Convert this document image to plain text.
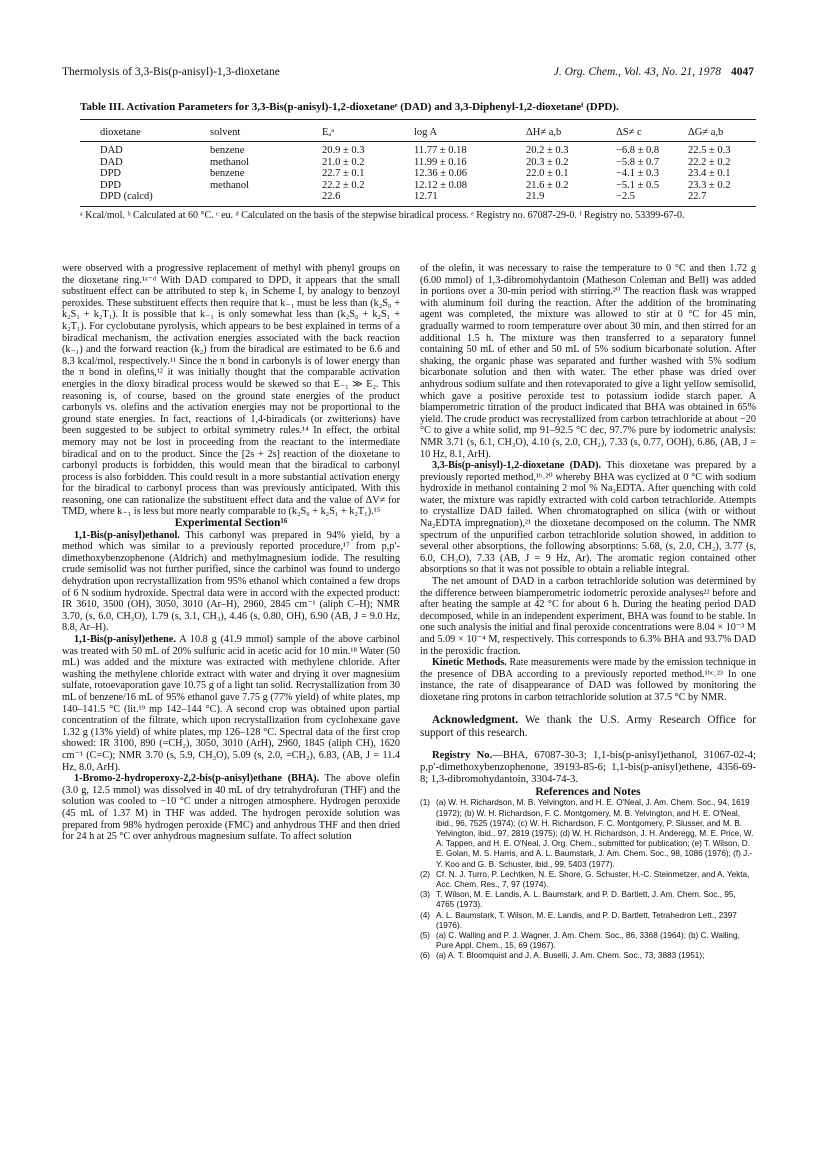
Thermolysis of 3,3-Bis(p-anisyl)-1,3-dioxetane	J. Org. Chem., Vol. 43, No. 21, 1978 4047
Table III. Activation Parameters for 3,3-Bis(p-anisyl)-1,2-dioxetaneᵉ (DAD) and 3,3-Diphenyl-1,2-dioxetaneᶠ (DPD).
dioxetane	solvent	Eₐᵃ	log A	ΔH≠ a,b	ΔS≠ c	ΔG≠ a,b

DAD	benzene	20.9 ± 0.3	11.77 ± 0.18	20.2 ± 0.3	−6.8 ± 0.8	22.5 ± 0.3
DAD	methanol	21.0 ± 0.2	11.99 ± 0.16	20.3 ± 0.2	−5.8 ± 0.7	22.2 ± 0.2
DPD	benzene	22.7 ± 0.1	12.36 ± 0.06	22.0 ± 0.1	−4.1 ± 0.3	23.4 ± 0.1
DPD	methanol	22.2 ± 0.2	12.12 ± 0.08	21.6 ± 0.2	−5.1 ± 0.5	23.3 ± 0.2
DPD (calcd)		22.6	12.71	21.9	−2.5	22.7
ᵃ Kcal/mol. ᵇ Calculated at 60 °C. ᶜ eu. ᵈ Calculated on the basis of the stepwise biradical process. ᵉ Registry no. 67087-29-0. ᶠ Registry no. 53399-67-0.

were observed with a progressive replacement of methyl with phenyl groups on the dioxetane ring.¹ᵃ⁻ᵈ With DAD compared to DPD, it appears that the small substituent effect can be attributed to step k₁ in Scheme I, by analogy to benzoyl peroxides. These substituent effects then require that k₋₁ must be less than (k₂S₀ + k₂S₁ + k₂T₁). It is possible that k₋₁ is only somewhat less than (k₂S₀ + k₂S₁ + k₂T₁). For cyclobutane pyrolysis, which appears to be best explained in terms of a biradical mechanism, the activation energies associated with the back reaction (k₋₁) and the forward reaction (k₂) from the biradical are estimated to be 6.6 and 8.3 kcal/mol, respectively.¹¹ Since the π bond in carbonyls is of lower energy than the π bond in olefins,¹² it was initially thought that the comparable activation energies in the dioxy biradical process would be skewed so that E₋₁ ≫ E₂. This reasoning is, of course, based on the ground state energies of the product carbonyls vs. olefins and the activation energies may not be proportional to the ground state energies. In fact, reactions of 1,4-biradicals (or zwitterions) have been suggested to be subject to orbital symmetry rules.¹⁴ In effect, the orbital memory may not be lost in proceeding from the reactant to the intermediate biradical and on to the product. Since the [2s + 2s] reaction of the dioxetane to carbonyl products is forbidden, this would mean that the biradical to carbonyl process is also forbidden. This could result in a more substantial activation energy for the biradical to carbonyl process than was previously anticipated. With this reasoning, one can rationalize the substituent effect data and the value of ΔV≠ for TMD, where k₋₁ is less but more nearly comparable to (k₂S₀ + k₂S₁ + k₂T₁).¹⁵

Experimental Section¹⁶

1,1-Bis(p-anisyl)ethanol. This carbonyl was prepared in 94% yield, by a method which was similar to a previously reported procedure,¹⁷ from p,p′-dimethoxybenzophenone (Aldrich) and methylmagnesium iodide. The resulting crude semisolid was not further purified, since the carbinol was found to undergo dehydration upon recrystallization from 95% ethanol which contained a few drops of 6 N sodium hydroxide. Spectral data were in accord with the expected product: IR 3610, 3500 (OH), 3050, 3010 (Ar–H), 2960, 2845 cm⁻¹ (aliph C–H); NMR 3.70, (s, 6.0, CH₃O), 1.79 (s, 3.1, CH₃), 4.46 (s, 0.80, OH), 6.90 (AB, J = 9.0 Hz, 8.8, Ar–H).

1,1-Bis(p-anisyl)ethene. A 10.8 g (41.9 mmol) sample of the above carbinol was treated with 50 mL of 20% sulfuric acid in acetic acid for 10 min.¹⁸ Water (50 mL) was added and the mixture was extracted with methylene chloride. After washing the methylene chloride extract with water and drying it over magnesium sulfate, rotoevaporation gave 10.75 g of a light tan solid. Recrystallization from 30 mL of benzene/16 mL of 95% ethanol gave 7.75 g (77% yield) of white plates, mp 140–141.5 °C (lit.¹⁹ mp 142–144 °C). A second crop was obtained upon partial concentration of the filtrate, which upon recrystallization from cyclohexane gave 1.32 g (13% yield) of white plates, mp 126–128 °C. Spectral data of the first crop showed: IR 3100, 890 (=CH₂), 3050, 3010 (ArH), 2960, 1845 (aliph CH), 1620 cm⁻¹ (C=C); NMR 3.70 (s, 5.9, CH₃O), 5.09 (s, 2.0, =CH₂), 6.83, (AB, J = 11.4 Hz, 8.0, ArH).

1-Bromo-2-hydroperoxy-2,2-bis(p-anisyl)ethane (BHA). The above olefin (3.0 g, 12.5 mmol) was dissolved in 40 mL of dry tetrahydrofuran (THF) and the solution was cooled to −10 °C under a nitrogen atmosphere. Hydrogen peroxide (45 mL of 1.37 M) in THF was added. The hydrogen peroxide solution was prepared from 98% hydrogen peroxide (FMC) and anhydrous THF and then dried for 24 h at 25 °C over anhydrous magnesium sulfate. To affect solution

of the olefin, it was necessary to raise the temperature to 0 °C and then 1.72 g (6.00 mmol) of 1,3-dibromohydantoin (Matheson Coleman and Bell) was added in portions over a 30-min period with stirring.²⁰ The reaction flask was wrapped with aluminum foil during the reaction. After the addition of the brominating agent was completed, the mixture was allowed to stir at 0 °C for 45 min, gradually warmed to room temperature over about 30 min, and then stirred for an additional 1.5 h. The mixture was then transferred to a separatory funnel containing 50 mL of ether and 50 mL of 5% sodium bicarbonate solution. After shaking, the organic phase was separated and further washed with 5% sodium bicarbonate solution and then with water. The ether phase was dried over anhydrous sodium sulfate and then rotevaporated to give a light yellow semisolid, which gave a positive peroxide test to potassium iodide starch paper. A biamperometric titration of the product indicated that BHA was obtained in 65% yield. The crude product was recrystallized from carbon tetrachloride at about −20 °C to give a white solid, mp 91–92.5 °C dec, 97.7% pure by iodometric analysis: NMR 3.71 (s, 6.1, CH₃O), 4.10 (s, 2.0, CH₂), 7.33 (s, 0.77, OOH), 6.86, (AB, J = 10 Hz, 8.1, ArH).

3,3-Bis(p-anisyl)-1,2-dioxetane (DAD). This dioxetane was prepared by a previously reported method,¹ᵇ˒²⁰ whereby BHA was cyclized at 0 °C with sodium hydroxide in methanol containing 2 mol % Na₂EDTA. After quenching with cold water, the mixture was rapidly extracted with cold carbon tetrachloride. Attempts to crystallize DAD failed. When chromatographed on silica (with or without Na₂EDTA impregnation),²¹ the dioxetane decomposed on the column. The NMR spectrum of the unpurified carbon tetrachloride solution showed, in addition to several other absorptions, the following absorptions: 5.68, (s, 2.0, CH₂), 3.77 (s, 6.0, CH₃O), 7.33 (AB, J = 9 Hz, Ar). The aromatic region contained other absorptions so that it was not possible to obtain a reliable integral.

The net amount of DAD in a carbon tetrachloride solution was determined by the difference between biamperometric iodometric peroxide analyses²² before and after heating the sample at 42 °C for about 6 h. During the heating period DAD decomposed, while in an independent experiment, BHA was found to be stable. In one such analysis the initial and final peroxide concentrations were 8.04 × 10⁻³ M and 5.09 × 10⁻⁴ M, respectively. This corresponds to 6.3% BHA and 93.7% DAD in the peroxidic fraction.

Kinetic Methods. Rate measurements were made by the emission technique in the presence of DBA according to a previously reported method.¹ᵇᶜ˒²³ In one instance, the rate of disappearance of DAD was followed by monitoring the dioxetane ring protons in carbon tetrachloride solution at 37.5 °C by NMR.

Acknowledgment. We thank the U.S. Army Research Office for support of this research.

Registry No.—BHA, 67087-30-3; 1,1-bis(p-anisyl)ethanol, 31067-02-4; p,p′-dimethoxybenzophenone, 39193-85-6; 1,1-bis(p-anisyl)ethene, 4356-69-8; 1,3-dibromohydantoin, 3304-74-3.

References and Notes

(1) (a) W. H. Richardson, M. B. Yelvington, and H. E. O'Neal, J. Am. Chem. Soc., 94, 1619 (1972); (b) W. H. Richardson, F. C. Montgomery, M. B. Yelvington, and H. E. O'Neal, ibid., 96, 7525 (1974); (c) W. H. Richardson, F. C. Montgomery, P. Slusser, and M. B. Yelvington, ibid., 97, 2819 (1975); (d) W. H. Richardson, J. H. Anderegg, M. E. Price, W. A. Tappen, and H. E. O'Neal, J. Org. Chem., submitted for publication; (e) T. Wilson, D. E. Golan, M. S. Harris, and A. L. Baumstark, J. Am. Chem. Soc., 98, 1086 (1976); (f) J.-Y. Koo and G. B. Schuster, ibid., 99, 5403 (1977).
(2) Cf. N. J. Turro, P. Lechtken, N. E. Shore, G. Schuster, H.-C. Steinmetzer, and A. Yekta, Acc. Chem. Res., 7, 97 (1974).
(3) T. Wilson, M. E. Landis, A. L. Baumstark, and P. D. Bartlett, J. Am. Chem. Soc., 95, 4765 (1973).
(4) A. L. Baumstark, T. Wilson, M. E. Landis, and P. D. Bartlett, Tetrahedron Lett., 2397 (1976).
(5) (a) C. Walling and P. J. Wagner, J. Am. Chem. Soc., 86, 3368 (1964); (b) C. Walling, Pure Appl. Chem., 15, 69 (1967).
(6) (a) A. T. Bloomquist and J. A. Buselli, J. Am. Chem. Soc., 73, 3883 (1951);
